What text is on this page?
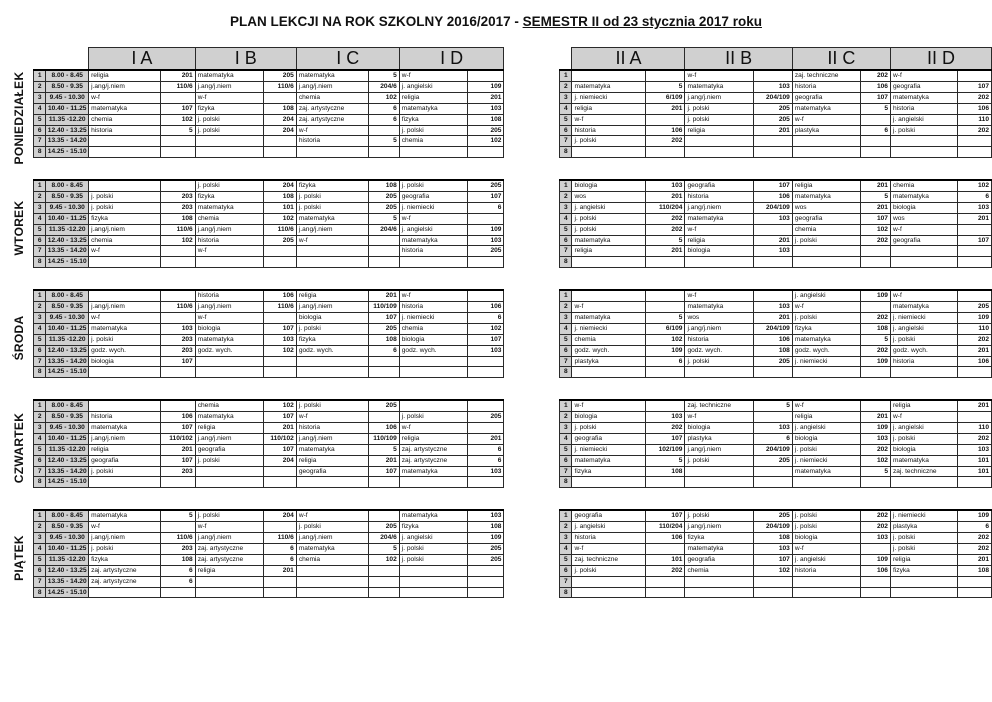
PLAN LEKCJI NA ROK SZKOLNY 2016/2017 - SEMESTR II od 23 stycznia 2017 roku
		I A		I B		I C		I D				II A		II B		II C		II D	
1	8.00 - 8.45	religia	201	matematyka	205	matematyka	5	w-f			1			w-f		zaj. techniczne	202	w-f	
2	8.50 - 9.35	j.ang/j.niem	110/6	j.ang/j.niem	110/6	j.ang/j.niem	204/6	j. angielski	109		2	matematyka	5	matematyka	103	historia	106	geografia	107
3	9.45 - 10.30	w-f		w-f		chemia	102	religia	201		3	j. niemiecki	6/109	j.ang/j.niem	204/109	geografia	107	matematyka	202
4	10.40 - 11.25	matematyka	107	fizyka	108	zaj. artystyczne	6	matematyka	103		4	religia	201	j. polski	205	matematyka	5	historia	106
5	11.35 -12.20	chemia	102	j. polski	204	zaj. artystyczne	6	fizyka	108		5	w-f		j. polski	205	w-f		j. angielski	110
6	12.40 - 13.25	historia	5	j. polski	204	w-f		j. polski	205		6	historia	106	religia	201	plastyka	6	j. polski	202
7	13.35 - 14.20					historia	5	chemia	102		7	j. polski	202						
8	14.25 - 15.10										8								

1	8.00 - 8.45			j. polski	204	fizyka	108	j. polski	205		1	biologia	103	geografia	107	religia	201	chemia	102
2	8.50 - 9.35	j. polski	203	fizyka	108	j. polski	205	geografia	107		2	wos	201	historia	106	matematyka	5	matematyka	6
3	9.45 - 10.30	j. polski	203	matematyka	101	j. polski	205	j. niemiecki	6		3	j. angielski	110/204	j.ang/j.niem	204/109	wos	201	biologia	103
4	10.40 - 11.25	fizyka	108	chemia	102	matematyka	5	w-f			4	j. polski	202	matematyka	103	geografia	107	wos	201
5	11.35 -12.20	j.ang/j.niem	110/6	j.ang/j.niem	110/6	j.ang/j.niem	204/6	j. angielski	109		5	j. polski	202	w-f		chemia	102	w-f	
6	12.40 - 13.25	chemia	102	historia	205	w-f		matematyka	103		6	matematyka	5	religia	201	j. polski	202	geografia	107
7	13.35 - 14.20	w-f		w-f				historia	205		7	religia	201	biologia	103				
8	14.25 - 15.10										8								

1	8.00 - 8.45			historia	106	religia	201	w-f			1			w-f		j. angielski	109	w-f	
2	8.50 - 9.35	j.ang/j.niem	110/6	j.ang/j.niem	110/6	j.ang/j.niem	110/109	historia	106		2	w-f		matematyka	103	w-f		matematyka	205
3	9.45 - 10.30	w-f		w-f		biologia	107	j. niemiecki	6		3	matematyka	5	wos	201	j. polski	202	j. niemiecki	109
4	10.40 - 11.25	matematyka	103	biologia	107	j. polski	205	chemia	102		4	j. niemiecki	6/109	j.ang/j.niem	204/109	fizyka	108	j. angielski	110
5	11.35 -12.20	j. polski	203	matematyka	103	fizyka	108	biologia	107		5	chemia	102	historia	106	matematyka	5	j. polski	202
6	12.40 - 13.25	godz. wych.	203	godz. wych.	102	godz. wych.	6	godz. wych.	103		6	godz. wych.	109	godz. wych.	108	godz. wych.	202	godz. wych.	201
7	13.35 - 14.20	biologia	107								7	plastyka	6	j. polski	205	j. niemiecki	109	historia	106
8	14.25 - 15.10										8								

1	8.00 - 8.45			chemia	102	j. polski	205				1	w-f		zaj. techniczne	5	w-f		religia	201
2	8.50 - 9.35	historia	106	matematyka	107	w-f		j. polski	205		2	biologia	103	w-f		religia	201	w-f	
3	9.45 - 10.30	matematyka	107	religia	201	historia	106	w-f			3	j. polski	202	biologia	103	j. angielski	109	j. angielski	110
4	10.40 - 11.25	j.ang/j.niem	110/102	j.ang/j.niem	110/102	j.ang/j.niem	110/109	religia	201		4	geografia	107	plastyka	6	biologia	103	j. polski	202
5	11.35 -12.20	religia	201	geografia	107	matematyka	5	zaj. artystyczne	6		5	j. niemiecki	102/109	j.ang/j.niem	204/109	j. polski	202	biologia	103
6	12.40 - 13.25	geografia	107	j. polski	204	religia	201	zaj. artystyczne	6		6	matematyka	5	j. polski	205	j. niemiecki	102	matematyka	101
7	13.35 - 14.20	j. polski	203			geografia	107	matematyka	103		7	fizyka	108			matematyka	5	zaj. techniczne	101
8	14.25 - 15.10										8								

1	8.00 - 8.45	matematyka	5	j. polski	204	w-f		matematyka	103		1	geografia	107	j. polski	205	j. polski	202	j. niemiecki	109
2	8.50 - 9.35	w-f		w-f		j. polski	205	fizyka	108		2	j. angielski	110/204	j.ang/j.niem	204/109	j. polski	202	plastyka	6
3	9.45 - 10.30	j.ang/j.niem	110/6	j.ang/j.niem	110/6	j.ang/j.niem	204/6	j. angielski	109		3	historia	106	fizyka	108	biologia	103	j. polski	202
4	10.40 - 11.25	j. polski	203	zaj. artystyczne	6	matematyka	5	j. polski	205		4	w-f		matematyka	103	w-f		j. polski	202
5	11.35 -12.20	fizyka	108	zaj. artystyczne	6	chemia	102	j. polski	205		5	zaj. techniczne	101	geografia	107	j. angielski	109	religia	201
6	12.40 - 13.25	zaj. artystyczne	6	religia	201						6	j. polski	202	chemia	102	historia	106	fizyka	108
7	13.35 - 14.20	zaj. artystyczne	6								7								
8	14.25 - 15.10										8								
PONIEDZIAŁEK
WTOREK
ŚRODA
CZWARTEK
PIĄTEK
